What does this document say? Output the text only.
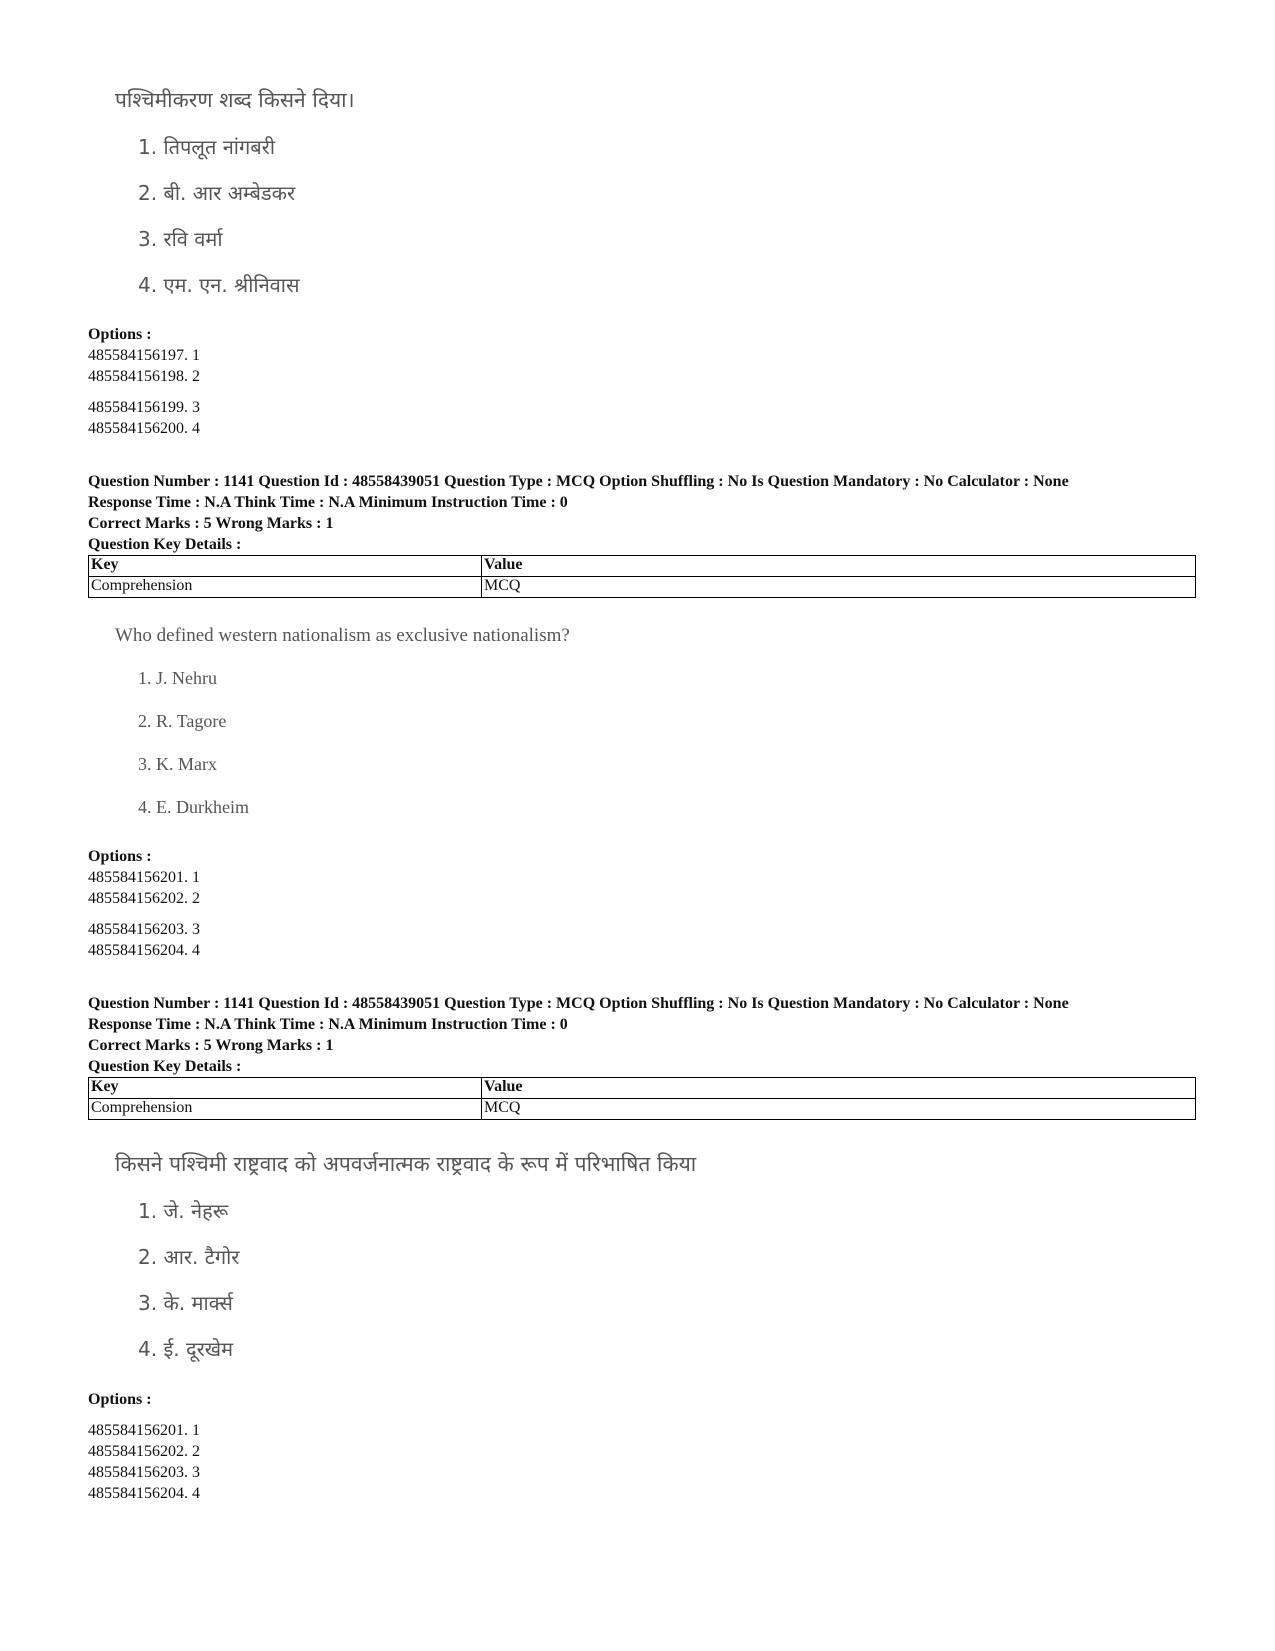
पश्चिमीकरण शब्द किसने दिया।
1. तिपलूत नांगबरी
2. बी. आर अम्बेडकर
3. रवि वर्मा
4. एम. एन. श्रीनिवास
Options :
485584156197. 1
485584156198. 2
485584156199. 3
485584156200. 4
Question Number : 1141 Question Id : 48558439051 Question Type : MCQ Option Shuffling : No Is Question Mandatory : No Calculator : None
Response Time : N.A Think Time : N.A Minimum Instruction Time : 0
Correct Marks : 5 Wrong Marks : 1
Question Key Details :
Key	Value
Comprehension	MCQ
Who defined western nationalism as exclusive nationalism?
1. J. Nehru
2. R. Tagore
3. K. Marx
4. E. Durkheim
Options :
485584156201. 1
485584156202. 2
485584156203. 3
485584156204. 4
Question Number : 1141 Question Id : 48558439051 Question Type : MCQ Option Shuffling : No Is Question Mandatory : No Calculator : None
Response Time : N.A Think Time : N.A Minimum Instruction Time : 0
Correct Marks : 5 Wrong Marks : 1
Question Key Details :
Key	Value
Comprehension	MCQ
किसने पश्चिमी राष्ट्रवाद को अपवर्जनात्मक राष्ट्रवाद के रूप में परिभाषित किया
1. जे. नेहरू
2. आर. टैगोर
3. के. मार्क्स
4. ई. दूरखेम
Options :
485584156201. 1
485584156202. 2
485584156203. 3
485584156204. 4
